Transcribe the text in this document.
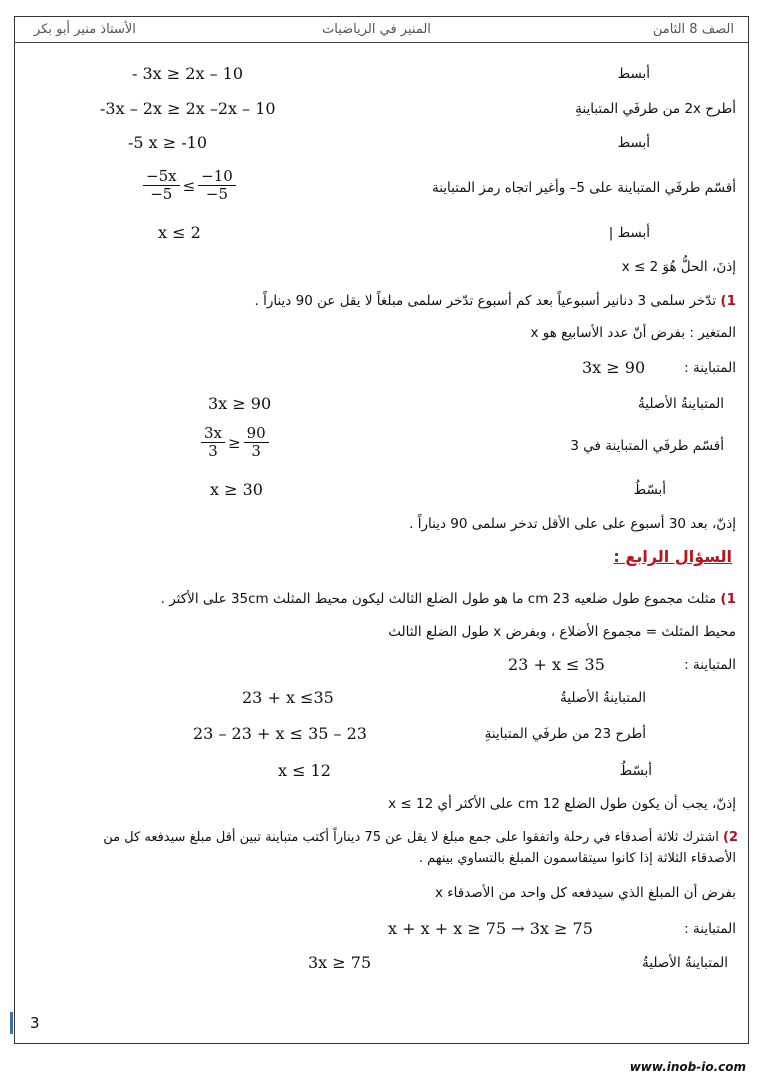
الصف 8 الثامن
المنير في الرياضيات
الأستاذ منير أبو بكر
أبسط
- 3x ≥ 2x – 10
أطرح 2x من طرفَي المتباينةِ
-3x – 2x ≥ 2x –2x – 10
أبسط
-5 x ≥ -10
أقسّم طرفَي المتباينة على 5– وأغير اتجاه رمز المتباينة
$\frac{-5x}{-5} \le \frac{-10}{-5}$
أبسط |
x ≤ 2
إذنَ، الحلُّ هُوَ 2 ≥ x
1) تدّخر سلمى 3 دنانير أسبوعياً بعد كم أسبوع تدّخر سلمى مبلغاً لا يقل عن 90 ديناراً .
المتغير : بفرض أنّ عدد الأسابيع هو x
المتباينة :
3x ≥ 90
المتباينةُ الأصليةُ
3x ≥ 90
أقسّم طرفَي المتباينة في 3
$\frac{3x}{3} \ge \frac{90}{3}$
أبسّطُ
x ≥ 30
إذنّ، بعد 30 أسبوع على على الأقل تدخر سلمى 90 ديناراً .
السؤال الرابع :
1) مثلث مجموع طول ضلعيه 23 cm ما هو طول الضلع الثالث ليكون محيط المثلث 35cm على الأكثر .
محيط المثلث = مجموع الأضلاع ، وبفرض x طول الضلع الثالث
المتباينة :
23 + x ≤ 35
المتباينةُ الأصليةُ
23 + x ≤35
أطرح 23 من طرفَي المتباينةِ
23 – 23 + x ≤ 35 – 23
أبسّطُ
x ≤ 12
إذنّ، يجب أن يكون طول الضلع 12 cm على الأكثر أي 12 ≥ x
2) اشترك ثلاثة أصدقاء في رحلة واتفقوا على جمع مبلغ لا يقل عن 75 ديناراً أكتب متباينة تبين أقل مبلغ سيدفعه كل من
الأصدقاء الثلاثة إذا كانوا سيتقاسمون المبلغ بالتساوي بينهم .
بفرض أن المبلغ الذي سيدفعه كل واحد من الأصدقاء x
المتباينة :
x + x + x ≥ 75 → 3x ≥ 75
المتباينةُ الأصليةُ
3x ≥ 75
3
www.inob-io.com
